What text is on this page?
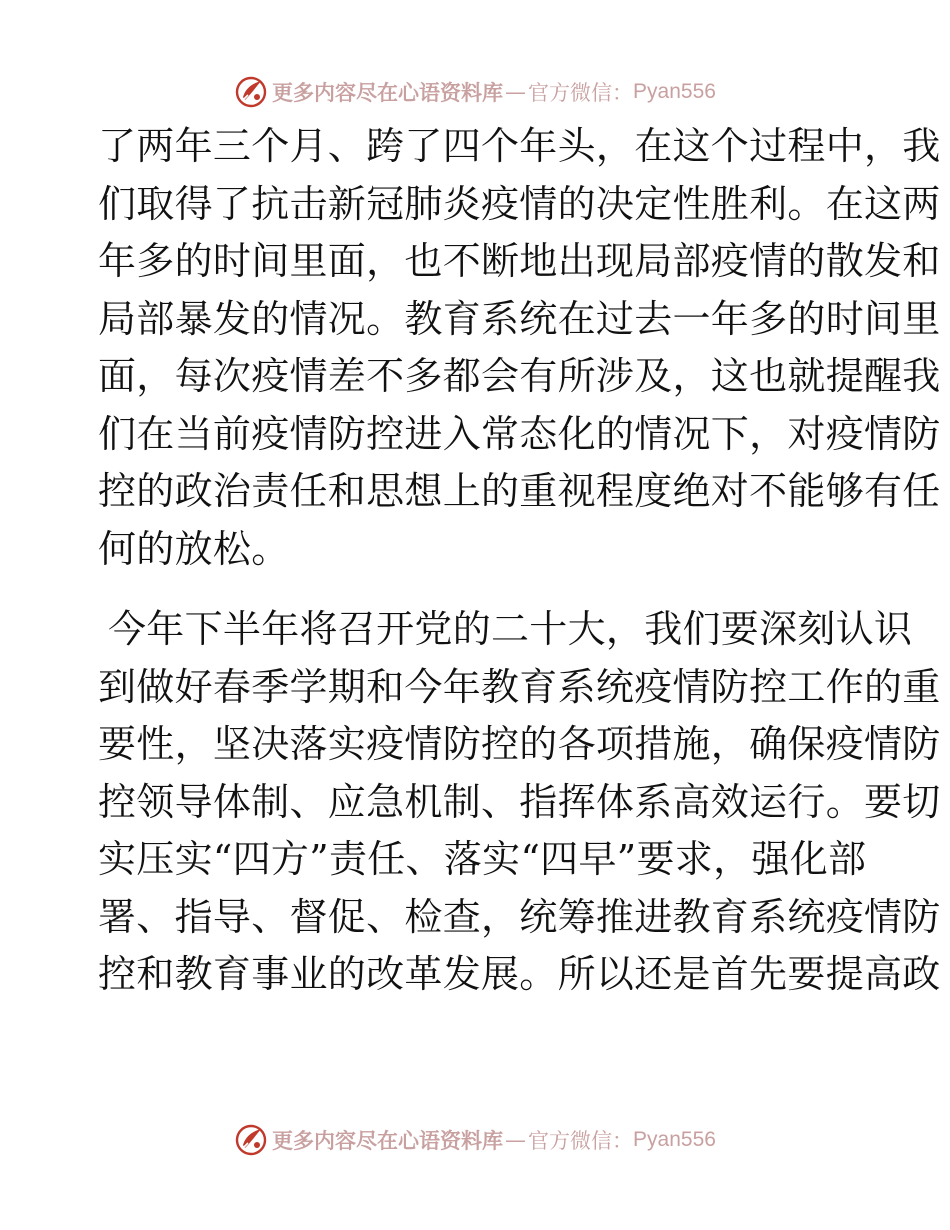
更多内容尽在心语资料库 — 官方微信： Pyan556

了两年三个月、跨了四个年头，在这个过程中，我
们取得了抗击新冠肺炎疫情的决定性胜利。在这两
年多的时间里面，也不断地出现局部疫情的散发和
局部暴发的情况。教育系统在过去一年多的时间里
面，每次疫情差不多都会有所涉及，这也就提醒我
们在当前疫情防控进入常态化的情况下，对疫情防
控的政治责任和思想上的重视程度绝对不能够有任
何的放松。

今年下半年将召开党的二十大，我们要深刻认识
到做好春季学期和今年教育系统疫情防控工作的重
要性，坚决落实疫情防控的各项措施，确保疫情防
控领导体制、应急机制、指挥体系高效运行。要切
实压实“四方”责任、落实“四早”要求，强化部
署、指导、督促、检查，统筹推进教育系统疫情防
控和教育事业的改革发展。所以还是首先要提高政

更多内容尽在心语资料库 — 官方微信： Pyan556
